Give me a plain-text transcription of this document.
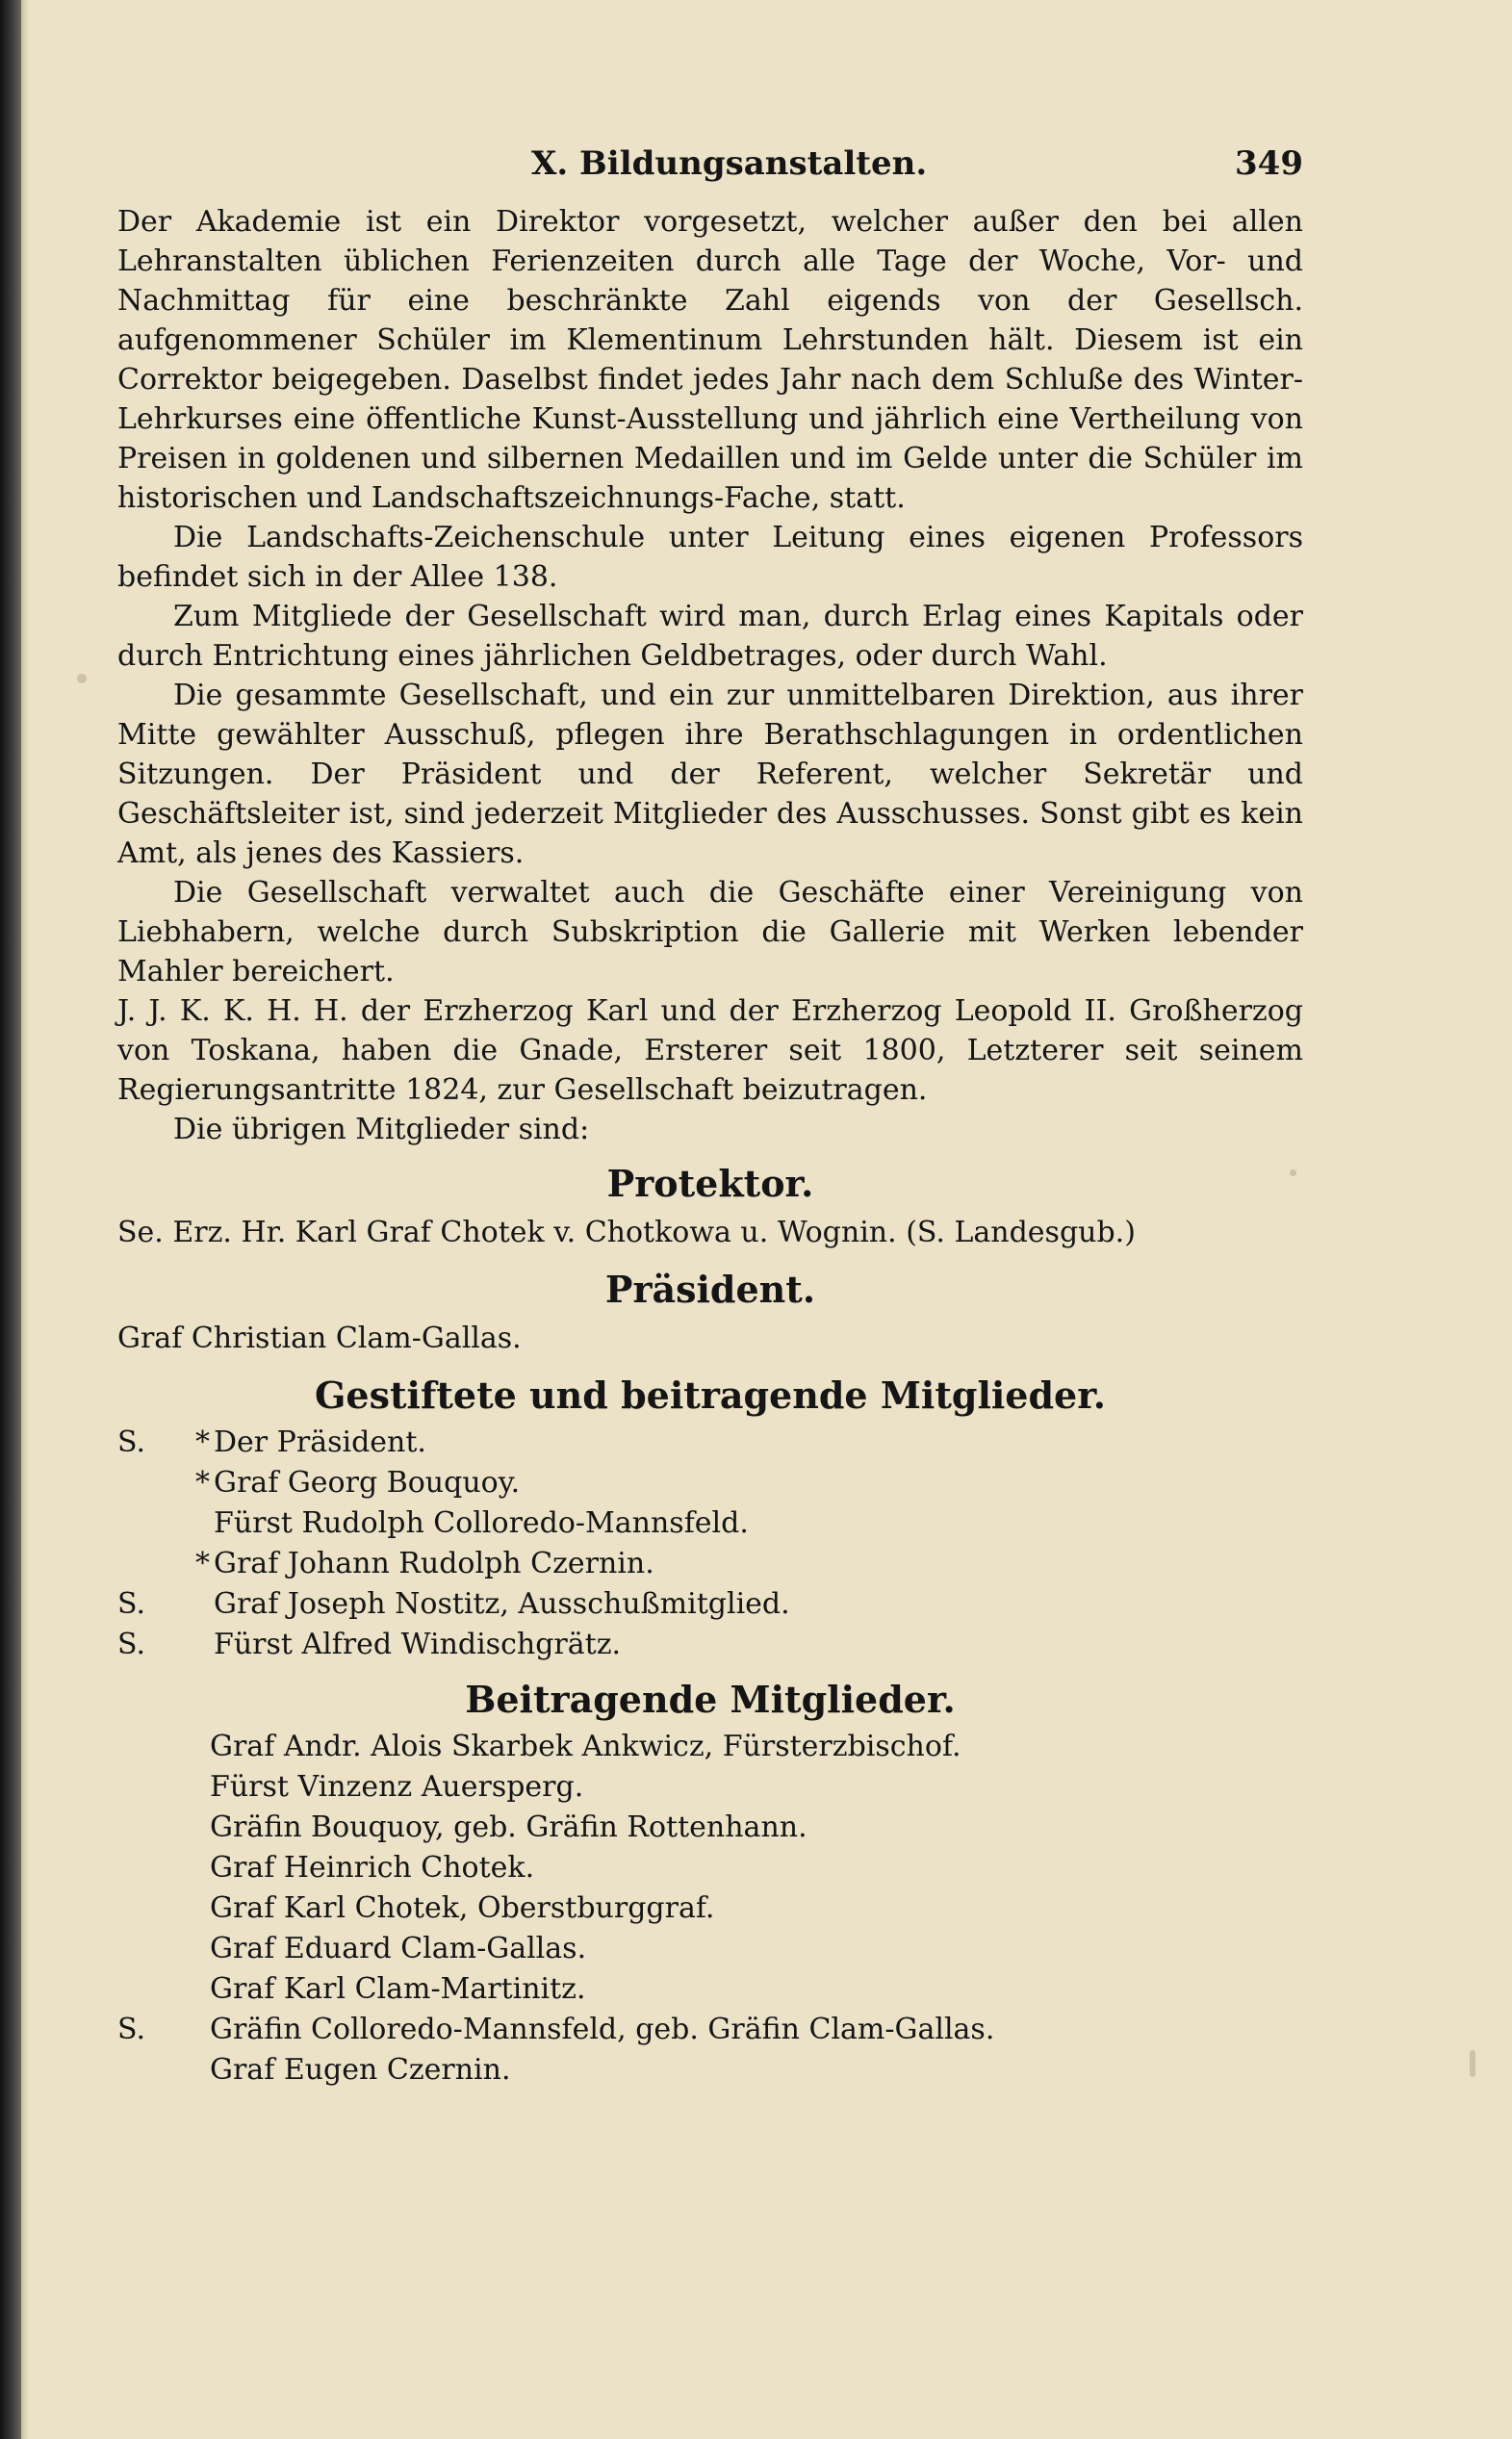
X. Bildungsanstalten.	349

Der Akademie ist ein Direktor vorgesetzt, welcher außer den bei allen Lehranstalten üblichen Ferienzeiten durch alle Tage der Woche, Vor- und Nachmittag für eine beschränkte Zahl eigends von der Gesellsch. aufgenommener Schüler im Klementinum Lehrstunden hält. Diesem ist ein Correktor beigegeben. Daselbst findet jedes Jahr nach dem Schluße des Winter-Lehrkurses eine öffentliche Kunst-Ausstellung und jährlich eine Vertheilung von Preisen in goldenen und silbernen Medaillen und im Gelde unter die Schüler im historischen und Landschaftszeichnungs-Fache, statt.

Die Landschafts-Zeichenschule unter Leitung eines eigenen Professors befindet sich in der Allee 138.

Zum Mitgliede der Gesellschaft wird man, durch Erlag eines Kapitals oder durch Entrichtung eines jährlichen Geldbetrages, oder durch Wahl.

Die gesammte Gesellschaft, und ein zur unmittelbaren Direktion, aus ihrer Mitte gewählter Ausschuß, pflegen ihre Berathschlagungen in ordentlichen Sitzungen. Der Präsident und der Referent, welcher Sekretär und Geschäftsleiter ist, sind jederzeit Mitglieder des Ausschusses. Sonst gibt es kein Amt, als jenes des Kassiers.

Die Gesellschaft verwaltet auch die Geschäfte einer Vereinigung von Liebhabern, welche durch Subskription die Gallerie mit Werken lebender Mahler bereichert.

J. J. K. K. H. H. der Erzherzog Karl und der Erzherzog Leopold II. Großherzog von Toskana, haben die Gnade, Ersterer seit 1800, Letzterer seit seinem Regierungsantritte 1824, zur Gesellschaft beizutragen.

Die übrigen Mitglieder sind:

Protektor.
Se. Erz. Hr. Karl Graf Chotek v. Chotkowa u. Wognin. (S. Landesgub.)
Präsident.
Graf Christian Clam-Gallas.
Gestiftete und beitragende Mitglieder.
S.	* Der Präsident.
* Graf Georg Bouquoy.
Fürst Rudolph Colloredo-Mannsfeld.
* Graf Johann Rudolph Czernin.
S.	Graf Joseph Nostitz, Ausschußmitglied.
S.	Fürst Alfred Windischgrätz.
Beitragende Mitglieder.
Graf Andr. Alois Skarbek Ankwicz, Fürsterzbischof.
Fürst Vinzenz Auersperg.
Gräfin Bouquoy, geb. Gräfin Rottenhann.
Graf Heinrich Chotek.
Graf Karl Chotek, Oberstburggraf.
Graf Eduard Clam-Gallas.
Graf Karl Clam-Martinitz.
S.	Gräfin Colloredo-Mannsfeld, geb. Gräfin Clam-Gallas.
Graf Eugen Czernin.
